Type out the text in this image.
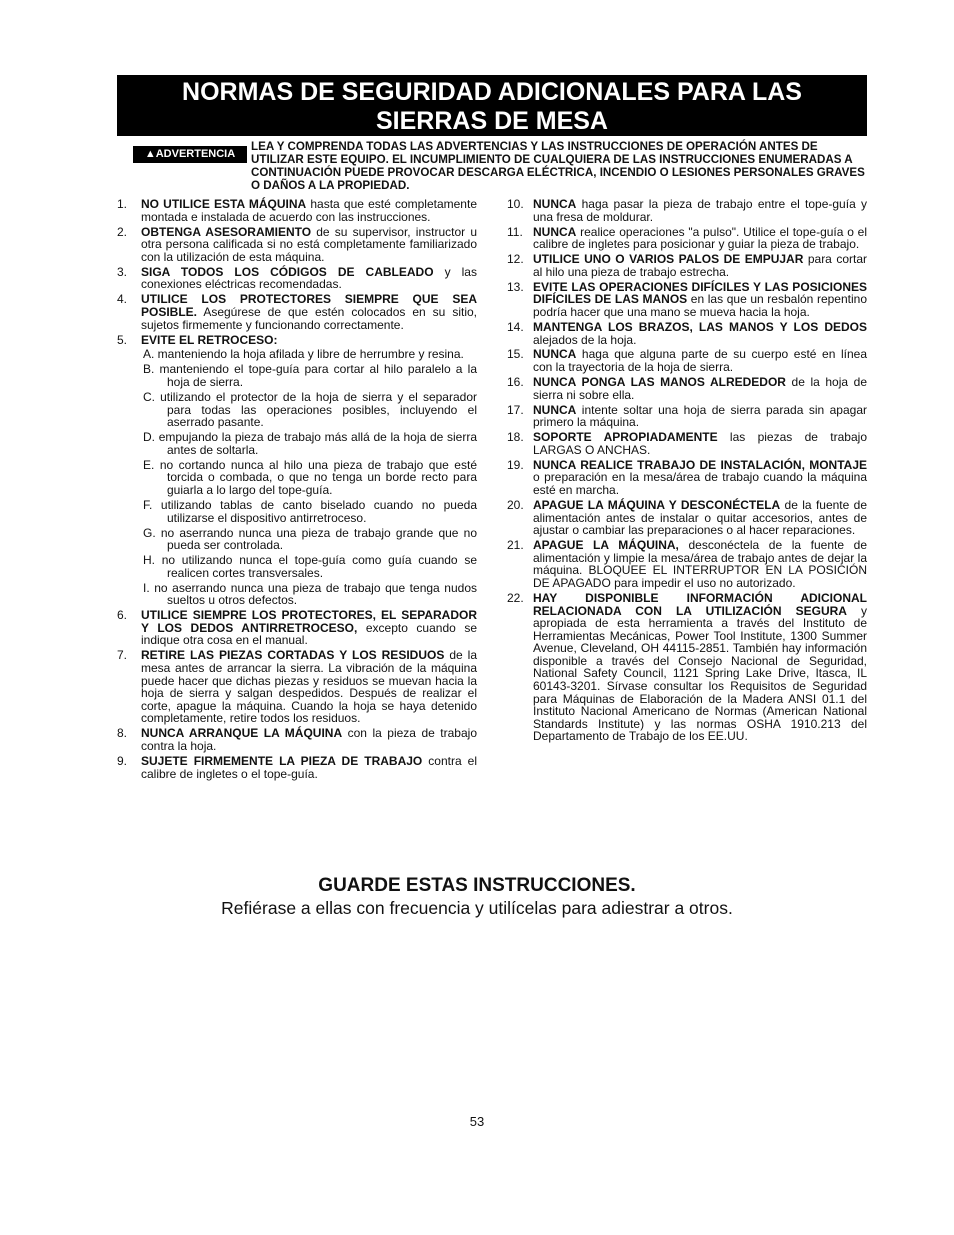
NORMAS DE SEGURIDAD ADICIONALES PARA LAS
SIERRAS DE MESA
▲ADVERTENCIA
LEA Y COMPRENDA TODAS LAS ADVERTENCIAS Y LAS INSTRUCCIONES DE OPERACIÓN ANTES DE UTILIZAR ESTE EQUIPO. EL INCUMPLIMIENTO DE CUALQUIERA DE LAS INSTRUCCIONES ENUMERADAS A CONTINUACIÓN PUEDE PROVOCAR DESCARGA ELÉCTRICA, INCENDIO O LESIONES PERSONALES GRAVES O DAÑOS A LA PROPIEDAD.
1. NO UTILICE ESTA MÁQUINA hasta que esté completamente montada e instalada de acuerdo con las instrucciones.
2. OBTENGA ASESORAMIENTO de su supervisor, instructor u otra persona calificada si no está completamente familiarizado con la utilización de esta máquina.
3. SIGA TODOS LOS CÓDIGOS DE CABLEADO y las conexiones eléctricas recomendadas.
4. UTILICE LOS PROTECTORES SIEMPRE QUE SEA POSIBLE. Asegúrese de que estén colocados en su sitio, sujetos firmemente y funcionando correctamente.
5. EVITE EL RETROCESO:
A. manteniendo la hoja afilada y libre de herrumbre y resina.
B. manteniendo el tope-guía para cortar al hilo paralelo a la hoja de sierra.
C. utilizando el protector de la hoja de sierra y el separador para todas las operaciones posibles, incluyendo el aserrado pasante.
D. empujando la pieza de trabajo más allá de la hoja de sierra antes de soltarla.
E. no cortando nunca al hilo una pieza de trabajo que esté torcida o combada, o que no tenga un borde recto para guiarla a lo largo del tope-guía.
F. utilizando tablas de canto biselado cuando no pueda utilizarse el dispositivo antirretroceso.
G. no aserrando nunca una pieza de trabajo grande que no pueda ser controlada.
H. no utilizando nunca el tope-guía como guía cuando se realicen cortes transversales.
I. no aserrando nunca una pieza de trabajo que tenga nudos sueltos u otros defectos.
6. UTILICE SIEMPRE LOS PROTECTORES, EL SEPARADOR Y LOS DEDOS ANTIRRETROCESO, excepto cuando se indique otra cosa en el manual.
7. RETIRE LAS PIEZAS CORTADAS Y LOS RESIDUOS de la mesa antes de arrancar la sierra. La vibración de la máquina puede hacer que dichas piezas y residuos se muevan hacia la hoja de sierra y salgan despedidos. Después de realizar el corte, apague la máquina. Cuando la hoja se haya detenido completamente, retire todos los residuos.
8. NUNCA ARRANQUE LA MÁQUINA con la pieza de trabajo contra la hoja.
9. SUJETE FIRMEMENTE LA PIEZA DE TRABAJO contra el calibre de ingletes o el tope-guía.
10. NUNCA haga pasar la pieza de trabajo entre el tope-guía y una fresa de moldurar.
11. NUNCA realice operaciones "a pulso". Utilice el tope-guía o el calibre de ingletes para posicionar y guiar la pieza de trabajo.
12. UTILICE UNO O VARIOS PALOS DE EMPUJAR para cortar al hilo una pieza de trabajo estrecha.
13. EVITE LAS OPERACIONES DIFÍCILES Y LAS POSICIONES DIFÍCILES DE LAS MANOS en las que un resbalón repentino podría hacer que una mano se mueva hacia la hoja.
14. MANTENGA LOS BRAZOS, LAS MANOS Y LOS DEDOS alejados de la hoja.
15. NUNCA haga que alguna parte de su cuerpo esté en línea con la trayectoria de la hoja de sierra.
16. NUNCA PONGA LAS MANOS ALREDEDOR de la hoja de sierra ni sobre ella.
17. NUNCA intente soltar una hoja de sierra parada sin apagar primero la máquina.
18. SOPORTE APROPIADAMENTE las piezas de trabajo LARGAS O ANCHAS.
19. NUNCA REALICE TRABAJO DE INSTALACIÓN, MONTAJE o preparación en la mesa/área de trabajo cuando la máquina esté en marcha.
20. APAGUE LA MÁQUINA Y DESCONÉCTELA de la fuente de alimentación antes de instalar o quitar accesorios, antes de ajustar o cambiar las preparaciones o al hacer reparaciones.
21. APAGUE LA MÁQUINA, desconéctela de la fuente de alimentación y limpie la mesa/área de trabajo antes de dejar la máquina. BLOQUEE EL INTERRUPTOR EN LA POSICIÓN DE APAGADO para impedir el uso no autorizado.
22. HAY DISPONIBLE INFORMACIÓN ADICIONAL RELACIONADA CON LA UTILIZACIÓN SEGURA y apropiada de esta herramienta a través del Instituto de Herramientas Mecánicas, Power Tool Institute, 1300 Summer Avenue, Cleveland, OH 44115-2851. También hay información disponible a través del Consejo Nacional de Seguridad, National Safety Council, 1121 Spring Lake Drive, Itasca, IL 60143-3201. Sírvase consultar los Requisitos de Seguridad para Máquinas de Elaboración de la Madera ANSI 01.1 del Instituto Nacional Americano de Normas (American National Standards Institute) y las normas OSHA 1910.213 del Departamento de Trabajo de los EE.UU.
GUARDE ESTAS INSTRUCCIONES.
Refiérase a ellas con frecuencia y utilícelas para adiestrar a otros.
53
